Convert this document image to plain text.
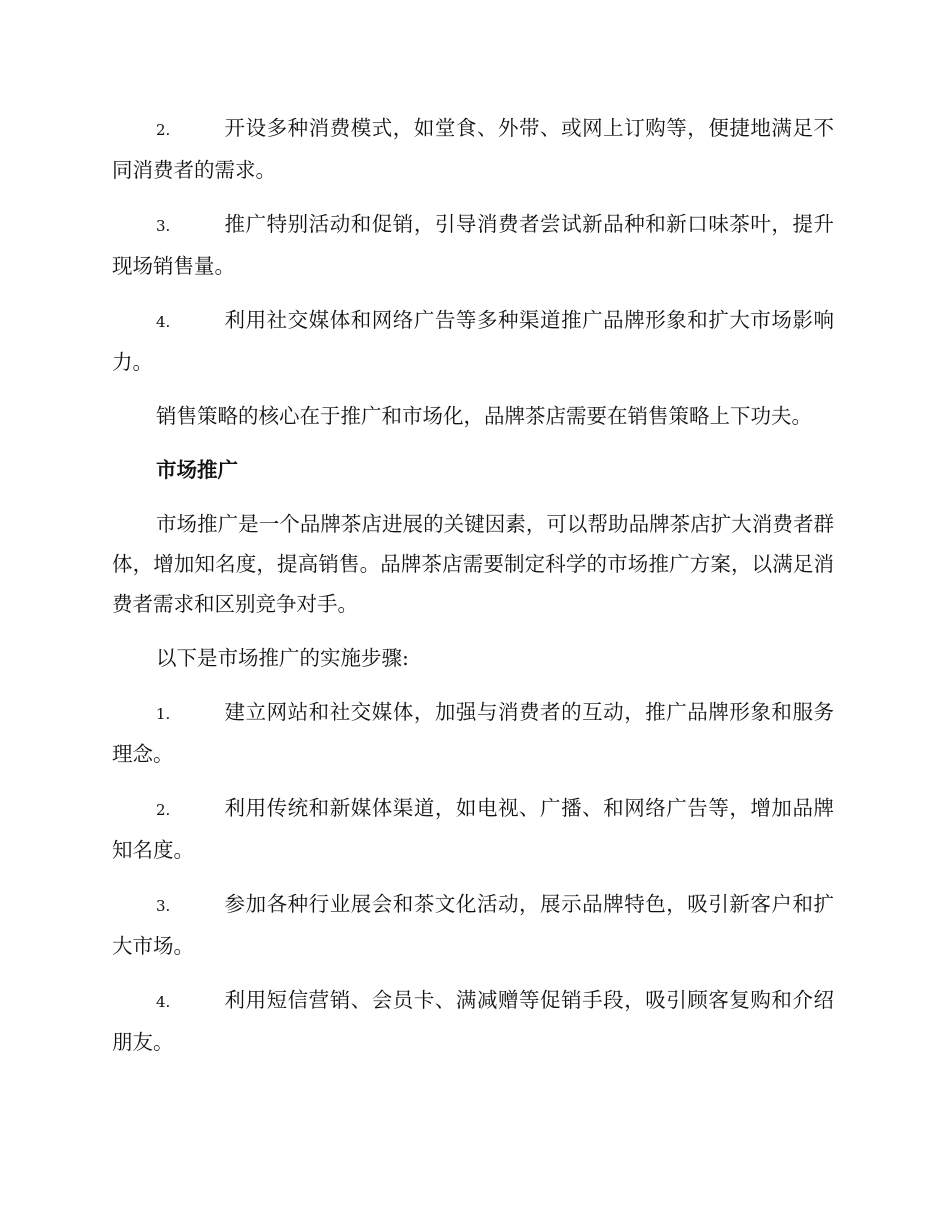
2.	开设多种消费模式，如堂食、外带、或网上订购等，便捷地满足不同消费者的需求。

3.	推广特别活动和促销，引导消费者尝试新品种和新口味茶叶，提升现场销售量。

4.	利用社交媒体和网络广告等多种渠道推广品牌形象和扩大市场影响力。

销售策略的核心在于推广和市场化，品牌茶店需要在销售策略上下功夫。

市场推广

市场推广是一个品牌茶店进展的关键因素，可以帮助品牌茶店扩大消费者群体，增加知名度，提高销售。品牌茶店需要制定科学的市场推广方案，以满足消费者需求和区别竞争对手。

以下是市场推广的实施步骤:

1.	建立网站和社交媒体，加强与消费者的互动，推广品牌形象和服务理念。

2.	利用传统和新媒体渠道，如电视、广播、和网络广告等，增加品牌知名度。

3.	参加各种行业展会和茶文化活动，展示品牌特色，吸引新客户和扩大市场。

4.	利用短信营销、会员卡、满减赠等促销手段，吸引顾客复购和介绍朋友。
